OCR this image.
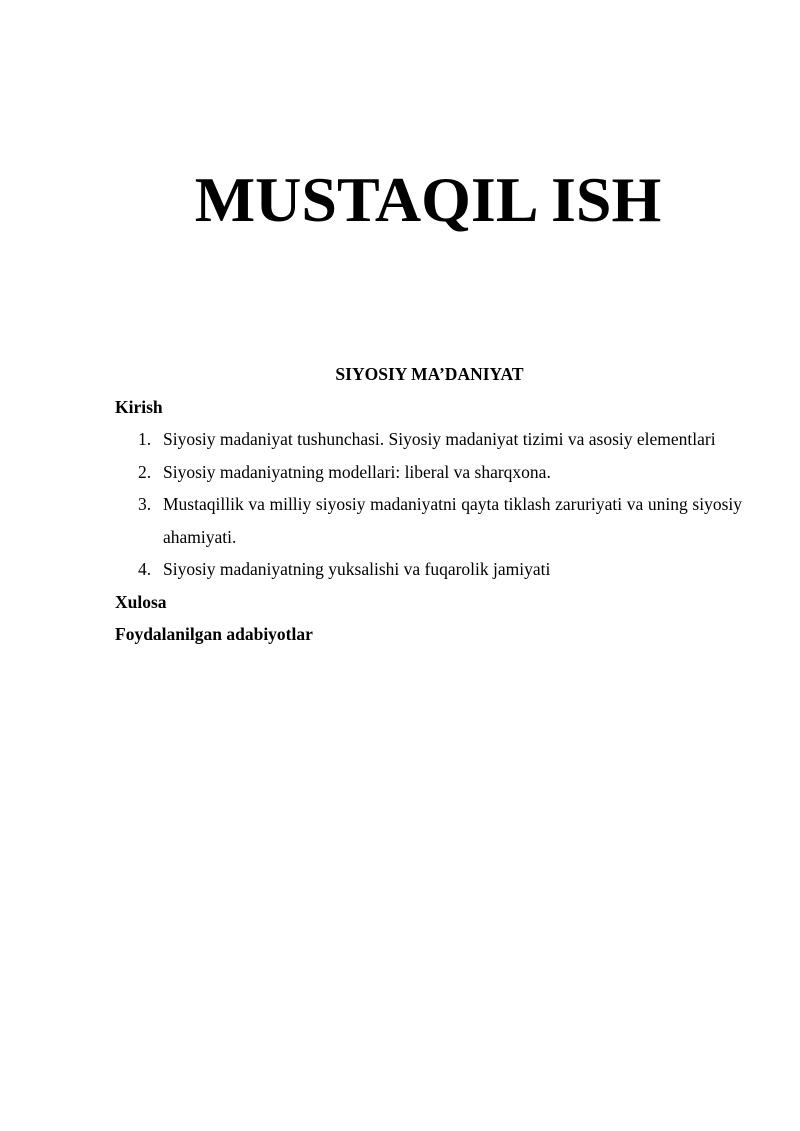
MUSTAQIL ISH
SIYOSIY MA’DANIYAT
Kirish
1. Siyosiy madaniyat tushunchasi. Siyosiy madaniyat tizimi va asosiy elementlari
2. Siyosiy madaniyatning modellari: liberal va sharqxona.
3. Mustaqillik va milliy siyosiy madaniyatni qayta tiklash zaruriyati va uning siyosiy ahamiyati.
4. Siyosiy madaniyatning yuksalishi va fuqarolik jamiyati
Xulosa
Foydalanilgan adabiyotlar
